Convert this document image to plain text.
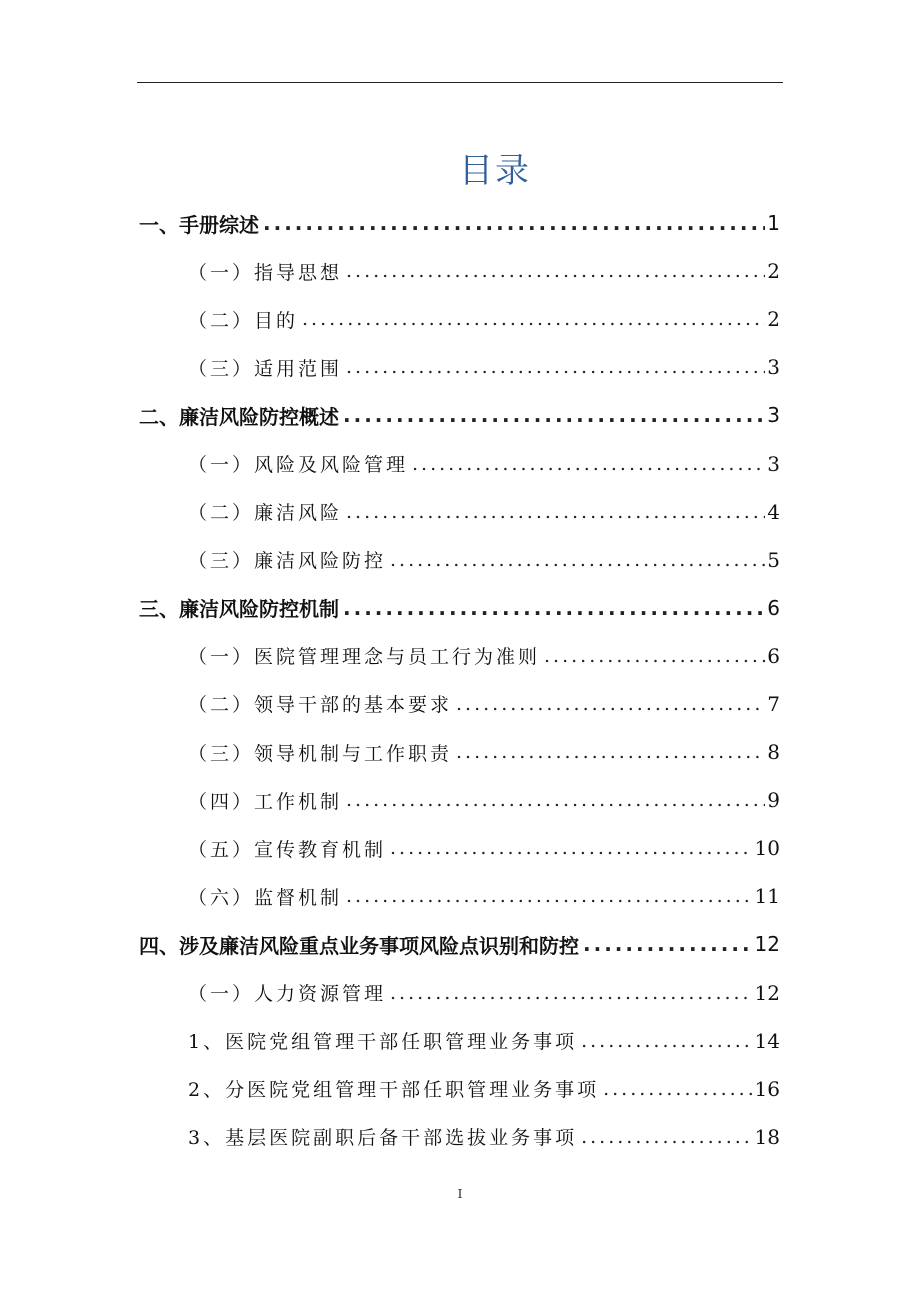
目录
一、手册综述 .....	1
（一）指导思想 .....	2
（二）目的 .....	2
（三）适用范围 .....	3
二、廉洁风险防控概述 .....	3
（一）风险及风险管理 .....	3
（二）廉洁风险 .....	4
（三）廉洁风险防控 .....	5
三、廉洁风险防控机制 .....	6
（一）医院管理理念与员工行为准则 .....	6
（二）领导干部的基本要求 .....	7
（三）领导机制与工作职责 .....	8
（四）工作机制 .....	9
（五）宣传教育机制 .....	10
（六）监督机制 .....	11
四、涉及廉洁风险重点业务事项风险点识别和防控 .....	12
（一）人力资源管理 .....	12
1、医院党组管理干部任职管理业务事项 .....	14
2、分医院党组管理干部任职管理业务事项 .....	16
3、基层医院副职后备干部选拔业务事项 .....	18
I
